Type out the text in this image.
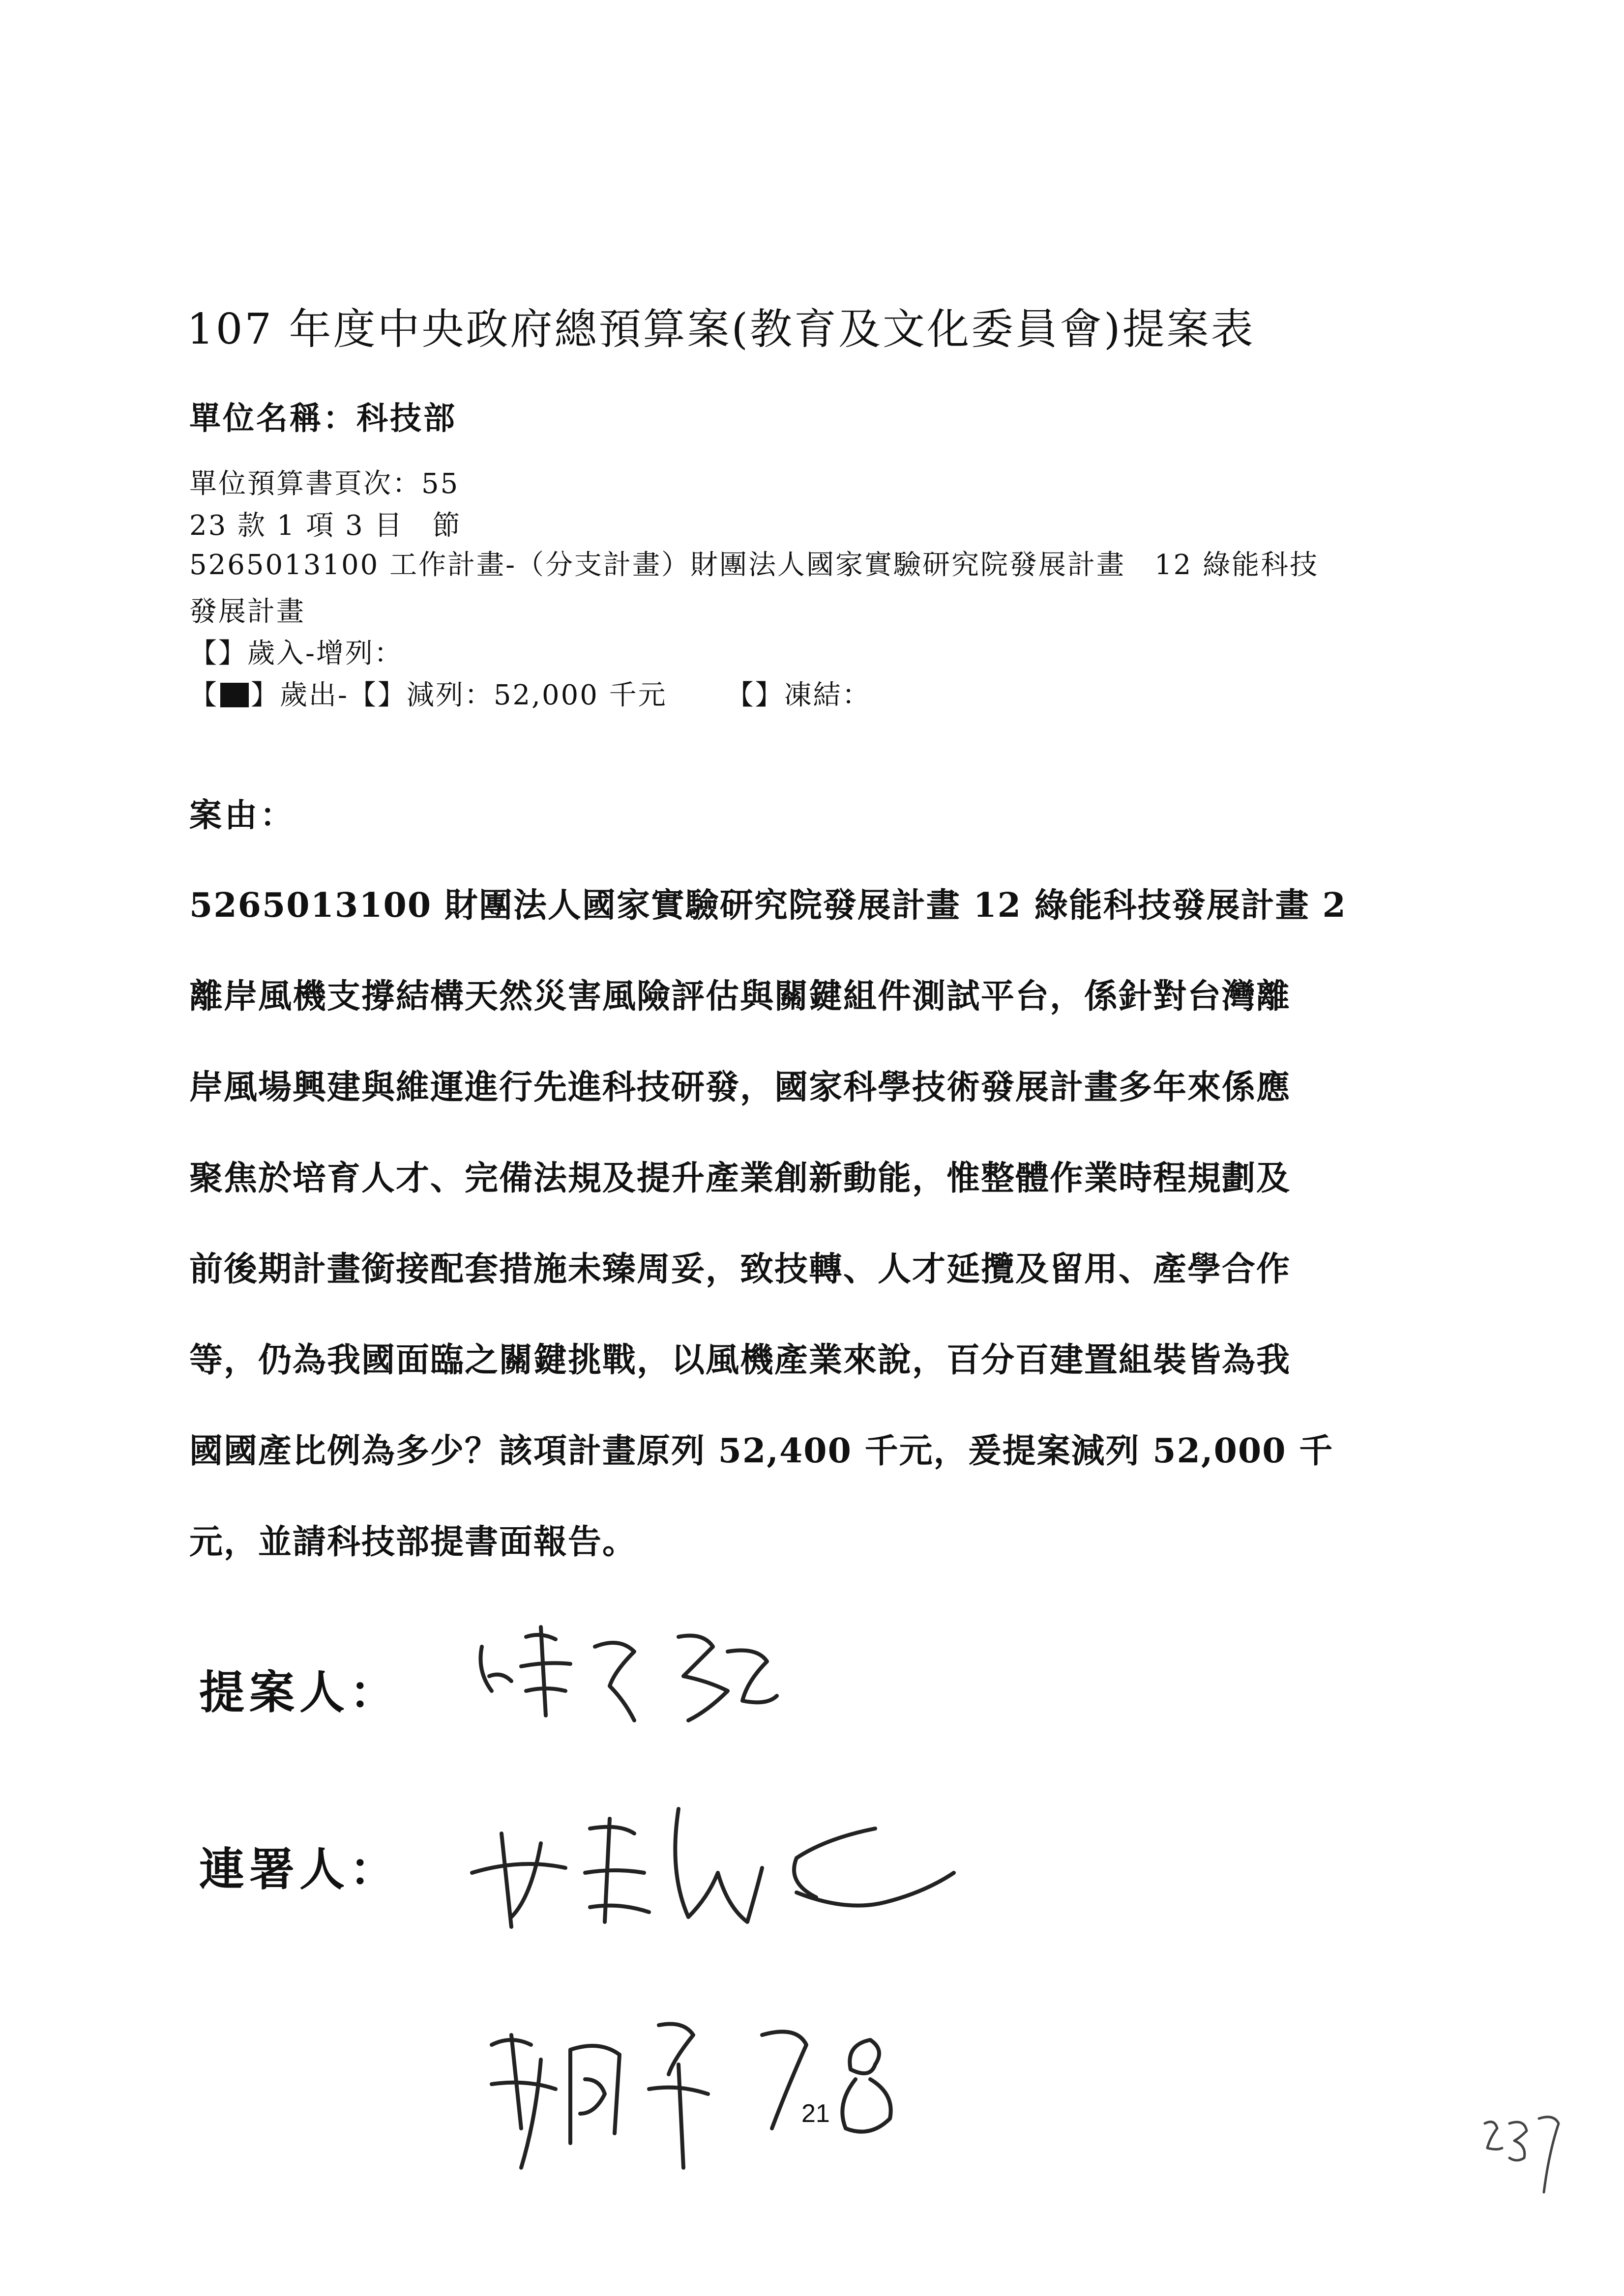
107 年度中央政府總預算案(教育及文化委員會)提案表
單位名稱：科技部
單位預算書頁次：55
23 款 1 項 3 目　節
5265013100 工作計畫-（分支計畫）財團法人國家實驗研究院發展計畫　12 綠能科技
發展計畫
【】歲入-增列：
【 】歲出-【】減列：52,000 千元 【】凍結：
案由：
5265013100 財團法人國家實驗研究院發展計畫 12 綠能科技發展計畫 2
離岸風機支撐結構天然災害風險評估與關鍵組件測試平台，係針對台灣離
岸風場興建與維運進行先進科技研發，國家科學技術發展計畫多年來係應
聚焦於培育人才、完備法規及提升產業創新動能，惟整體作業時程規劃及
前後期計畫銜接配套措施未臻周妥，致技轉、人才延攬及留用、產學合作
等，仍為我國面臨之關鍵挑戰，以風機產業來說，百分百建置組裝皆為我
國國產比例為多少？該項計畫原列 52,400 千元，爰提案減列 52,000 千
元，並請科技部提書面報告。
提案人：
連署人：
21
